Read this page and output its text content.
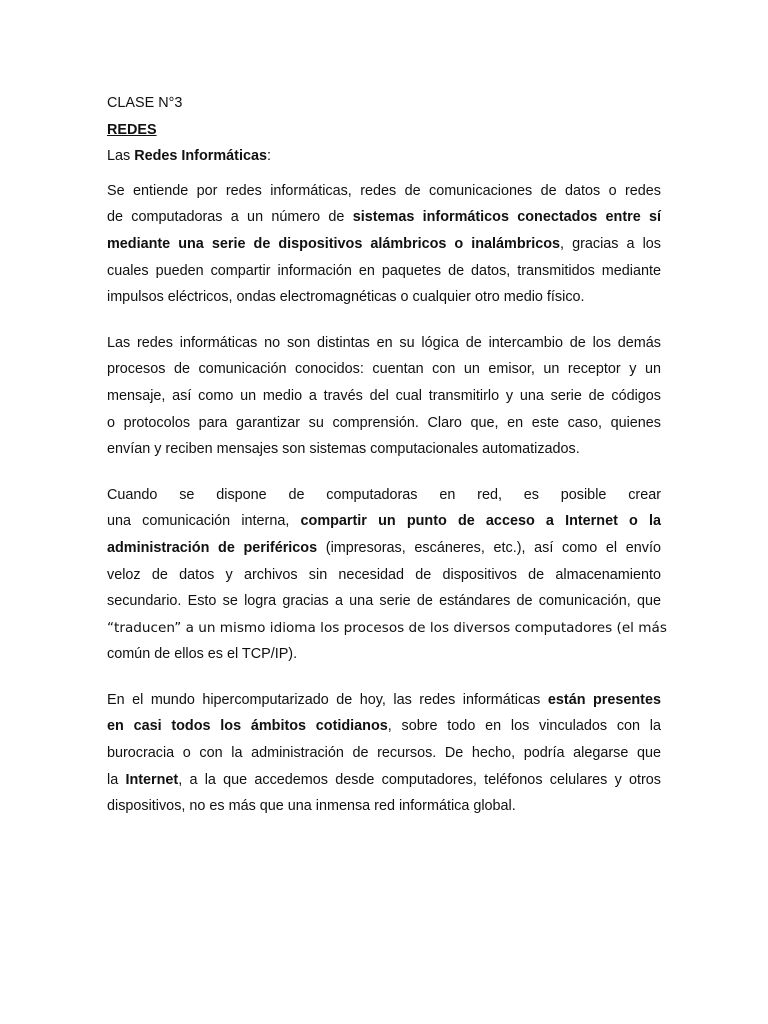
CLASE N°3
REDES
Las Redes Informáticas:
Se entiende por redes informáticas, redes de comunicaciones de datos o redes
de computadoras a un número de sistemas informáticos conectados entre sí
mediante una serie de dispositivos alámbricos o inalámbricos, gracias a los
cuales pueden compartir información en paquetes de datos, transmitidos mediante
impulsos eléctricos, ondas electromagnéticas o cualquier otro medio físico.
Las redes informáticas no son distintas en su lógica de intercambio de los demás
procesos de comunicación conocidos: cuentan con un emisor, un receptor y un
mensaje, así como un medio a través del cual transmitirlo y una serie de códigos
o protocolos para garantizar su comprensión. Claro que, en este caso, quienes
envían y reciben mensajes son sistemas computacionales automatizados.
Cuando se dispone de computadoras en red, es posible crear
una comunicación interna, compartir un punto de acceso a Internet o la
administración de periféricos (impresoras, escáneres, etc.), así como el envío
veloz de datos y archivos sin necesidad de dispositivos de almacenamiento
secundario. Esto se logra gracias a una serie de estándares de comunicación, que
“traducen” a un mismo idioma los procesos de los diversos computadores (el más
común de ellos es el TCP/IP).
En el mundo hipercomputarizado de hoy, las redes informáticas están presentes
en casi todos los ámbitos cotidianos, sobre todo en los vinculados con la
burocracia o con la administración de recursos. De hecho, podría alegarse que
la Internet, a la que accedemos desde computadores, teléfonos celulares y otros
dispositivos, no es más que una inmensa red informática global.
